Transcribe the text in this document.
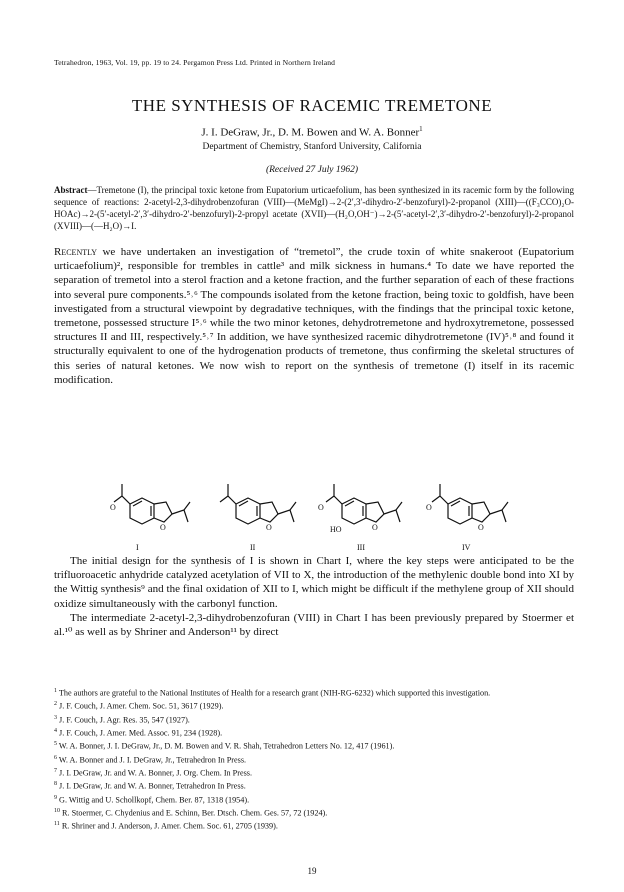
Tetrahedron, 1963, Vol. 19, pp. 19 to 24. Pergamon Press Ltd. Printed in Northern Ireland
THE SYNTHESIS OF RACEMIC TREMETONE
J. I. DeGraw, Jr., D. M. Bowen and W. A. Bonner$^1$
Department of Chemistry, Stanford University, California
(Received 27 July 1962)
Abstract—Tremetone (I), the principal toxic ketone from Eupatorium urticaefolium, has been synthesized in its racemic form by the following sequence of reactions: 2-acetyl-2,3-dihydrobenzofuran (VIII)—(MeMgI)→2-(2′,3′-dihydro-2′-benzofuryl)-2-propanol (XIII)—((F₃CCO)₂O-HOAc)→2-(5′-acetyl-2′,3′-dihydro-2′-benzofuryl)-2-propyl acetate (XVII)—(H₂O,OH⁻)→2-(5′-acetyl-2′,3′-dihydro-2′-benzofuryl)-2-propanol (XVIII)—(—H₂O)→I.
Recently we have undertaken an investigation of “tremetol”, the crude toxin of white snakeroot (Eupatorium urticaefolium)², responsible for trembles in cattle³ and milk sickness in humans.⁴ To date we have reported the separation of tremetol into a sterol fraction and a ketone fraction, and the further separation of each of these fractions into several pure components.⁵˒⁶ The compounds isolated from the ketone fraction, being toxic to goldfish, have been investigated from a structural viewpoint by degradative techniques, with the findings that the principal toxic ketone, tremetone, possessed structure I⁵˒⁶ while the two minor ketones, dehydrotremetone and hydroxytremetone, possessed structures II and III, respectively.⁵˒⁷ In addition, we have synthesized racemic dihydrotremetone (IV)⁵˒⁸ and found it structurally equivalent to one of the hydrogenation products of tremetone, thus confirming the skeletal structures of this series of natural ketones. We now wish to report on the synthesis of tremetone (I) itself in its racemic modification.
O
O	O
O
HO	O
O
O
I	II	III	IV
The initial design for the synthesis of I is shown in Chart I, where the key steps were anticipated to be the trifluoroacetic anhydride catalyzed acetylation of VII to X, the introduction of the methylenic double bond into XI by the Wittig synthesis⁹ and the final oxidation of XII to I, which might be difficult if the methylene group of XII should oxidize simultaneously with the carbonyl function.
The intermediate 2-acetyl-2,3-dihydrobenzofuran (VIII) in Chart I has been previously prepared by Stoermer et al.¹⁰ as well as by Shriner and Anderson¹¹ by direct

$^1$ The authors are grateful to the National Institutes of Health for a research grant (NIH-RG-6232) which supported this investigation.

$^2$ J. F. Couch, J. Amer. Chem. Soc. 51, 3617 (1929).

$^3$ J. F. Couch, J. Agr. Res. 35, 547 (1927).

$^4$ J. F. Couch, J. Amer. Med. Assoc. 91, 234 (1928).

$^5$ W. A. Bonner, J. I. DeGraw, Jr., D. M. Bowen and V. R. Shah, Tetrahedron Letters No. 12, 417 (1961).

$^6$ W. A. Bonner and J. I. DeGraw, Jr., Tetrahedron In Press.

$^7$ J. I. DeGraw, Jr. and W. A. Bonner, J. Org. Chem. In Press.

$^8$ J. I. DeGraw, Jr. and W. A. Bonner, Tetrahedron In Press.

$^9$ G. Wittig and U. Schollkopf, Chem. Ber. 87, 1318 (1954).

$^{10}$ R. Stoermer, C. Chydenius and E. Schinn, Ber. Dtsch. Chem. Ges. 57, 72 (1924).

$^{11}$ R. Shriner and J. Anderson, J. Amer. Chem. Soc. 61, 2705 (1939).

19
